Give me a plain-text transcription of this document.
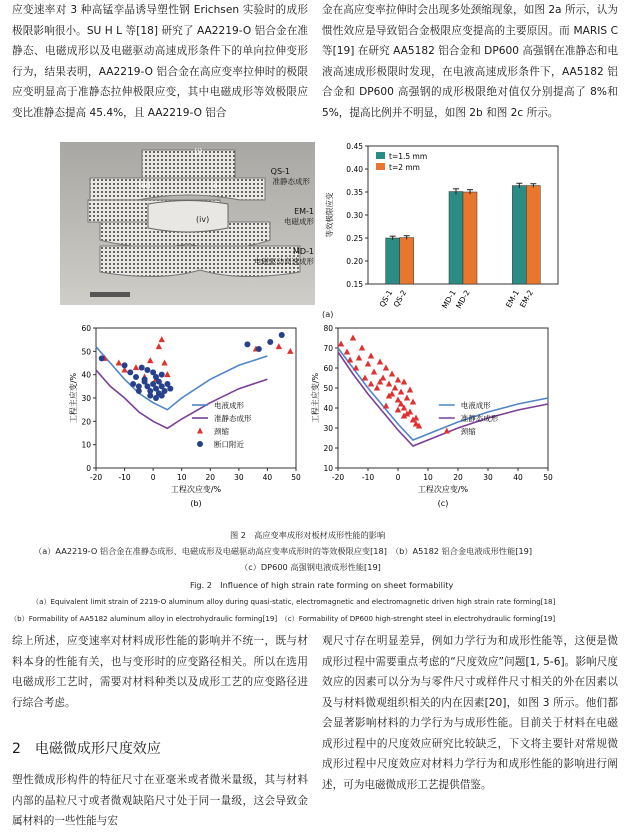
应变速率对 3 种高锰孪晶诱导塑性钢 Erichsen 实验时的成形极限影响很小。SU H L 等[18] 研究了 AA2219-O 铝合金在准静态、电磁成形以及电磁驱动高速成形条件下的单向拉伸变形行为，结果表明，AA2219-O 铝合金在高应变率拉伸时的极限应变明显高于准静态拉伸极限应变，其中电磁成形等效极限应变比准静态提高 45.4%，且 AA2219-O 铝合
金在高应变率拉伸时会出现多处颈缩现象，如图 2a 所示，认为惯性效应是导致铝合金极限应变提高的主要原因。而 MARIS C 等[19] 在研究 AA5182 铝合金和 DP600 高强钢在准静态和电液高速成形极限时发现，在电液高速成形条件下，AA5182 铝合金和 DP600 高强钢的成形极限绝对值仅分别提高了 8%和 5%，提高比例并不明显，如图 2b 和图 2c 所示。
(i)
(ii)
(iii)
(iv)
QS-1
准静态成形
EM-1
电磁成形
MD-1
电磁驱动高速成形
0.15
0.20
0.25
0.30
0.35
0.40
0.45
等效极限应变
QS-1
QS-2	MD-1
MD-2	EM-1
EM-2
t=1.5 mm
t=2 mm
(a)
-20 -10	0	10	20	30	40	50
0
10
20
30
40
50
60
工程次应变/%
工程主应变/%	电液成形
准静态成形
颈缩
断口附近
(b)
-20 -10	0	10	20	30	40	50
10
20
30
40
50
60
70
80
工程次应变/%
工程主应变/%	电液成形
准静态成形
颈缩
(c)
图 2　高应变率成形对板材成形性能的影响
（a）AA2219-O 铝合金在准静态成形、电磁成形及电磁驱动高应变率成形时的等效极限应变[18]　（b）A5182 铝合金电液成形性能[19]
（c）DP600 高强钢电液成形性能[19]
Fig. 2　Influence of high strain rate forming on sheet formability
（a）Equivalent limit strain of 2219-O aluminum alloy during quasi-static, electromagnetic and electromagnetic driven high strain rate forming[18]
（b）Formability of AA5182 aluminum alloy in electrohydraulic forming[19]　（c）Formability of DP600 high-strenght steel in electrohydraulic forming[19]
综上所述，应变速率对材料成形性能的影响并不统一，既与材料本身的性能有关，也与变形时的应变路径相关。所以在选用电磁成形工艺时，需要对材料种类以及成形工艺的应变路径进行综合考虑。
2　电磁微成形尺度效应
塑性微成形构件的特征尺寸在亚毫米或者微米量级，其与材料内部的晶粒尺寸或者微观缺陷尺寸处于同一量级，这会导致金属材料的一些性能与宏
观尺寸存在明显差异，例如力学行为和成形性能等，这便是微成形过程中需要重点考虑的“尺度效应”问题[1, 5-6]。影响尺度效应的因素可以分为与零件尺寸或样件尺寸相关的外在因素以及与材料微观组织相关的内在因素[20]，如图 3 所示。他们都会显著影响材料的力学行为与成形性能。目前关于材料在电磁成形过程中的尺度效应研究比较缺乏，下文将主要针对常规微成形过程中尺度效应对材料力学行为和成形性能的影响进行阐述，可为电磁微成形工艺提供借鉴。
